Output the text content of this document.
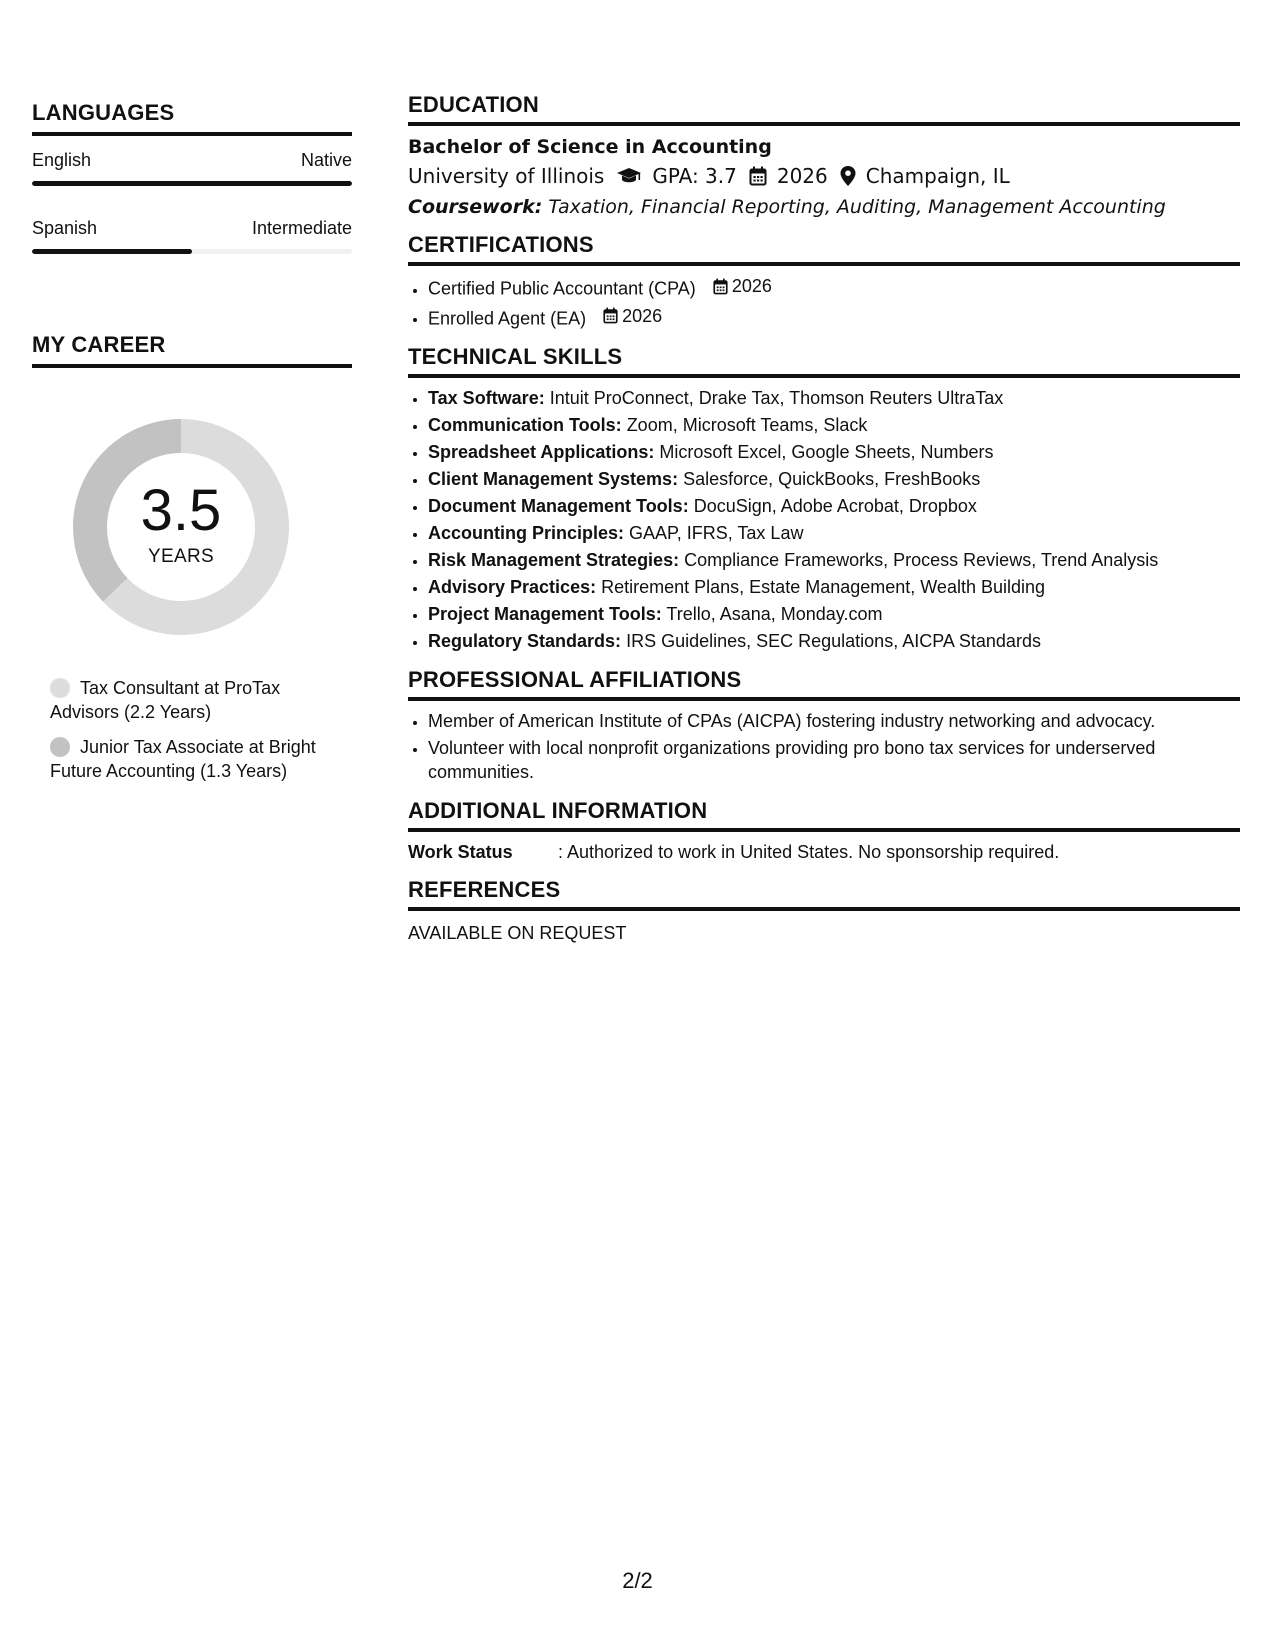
LANGUAGES
English	Native
Spanish	Intermediate
MY CAREER
3.5
YEARS
Tax Consultant at ProTax Advisors (2.2 Years)
Junior Tax Associate at Bright Future Accounting (1.3 Years)
EDUCATION
Bachelor of Science in Accounting
University of Illinois GPA: 3.7 2026 Champaign, IL
Coursework: Taxation, Financial Reporting, Auditing, Management Accounting
CERTIFICATIONS
• Certified Public Accountant (CPA) 2026
• Enrolled Agent (EA) 2026
TECHNICAL SKILLS
• Tax Software: Intuit ProConnect, Drake Tax, Thomson Reuters UltraTax
• Communication Tools: Zoom, Microsoft Teams, Slack
• Spreadsheet Applications: Microsoft Excel, Google Sheets, Numbers
• Client Management Systems: Salesforce, QuickBooks, FreshBooks
• Document Management Tools: DocuSign, Adobe Acrobat, Dropbox
• Accounting Principles: GAAP, IFRS, Tax Law
• Risk Management Strategies: Compliance Frameworks, Process Reviews, Trend Analysis
• Advisory Practices: Retirement Plans, Estate Management, Wealth Building
• Project Management Tools: Trello, Asana, Monday.com
• Regulatory Standards: IRS Guidelines, SEC Regulations, AICPA Standards
PROFESSIONAL AFFILIATIONS
• Member of American Institute of CPAs (AICPA) fostering industry networking and advocacy.
• Volunteer with local nonprofit organizations providing pro bono tax services for underserved communities.
ADDITIONAL INFORMATION
Work Status	: Authorized to work in United States. No sponsorship required.
REFERENCES
AVAILABLE ON REQUEST
2/2
